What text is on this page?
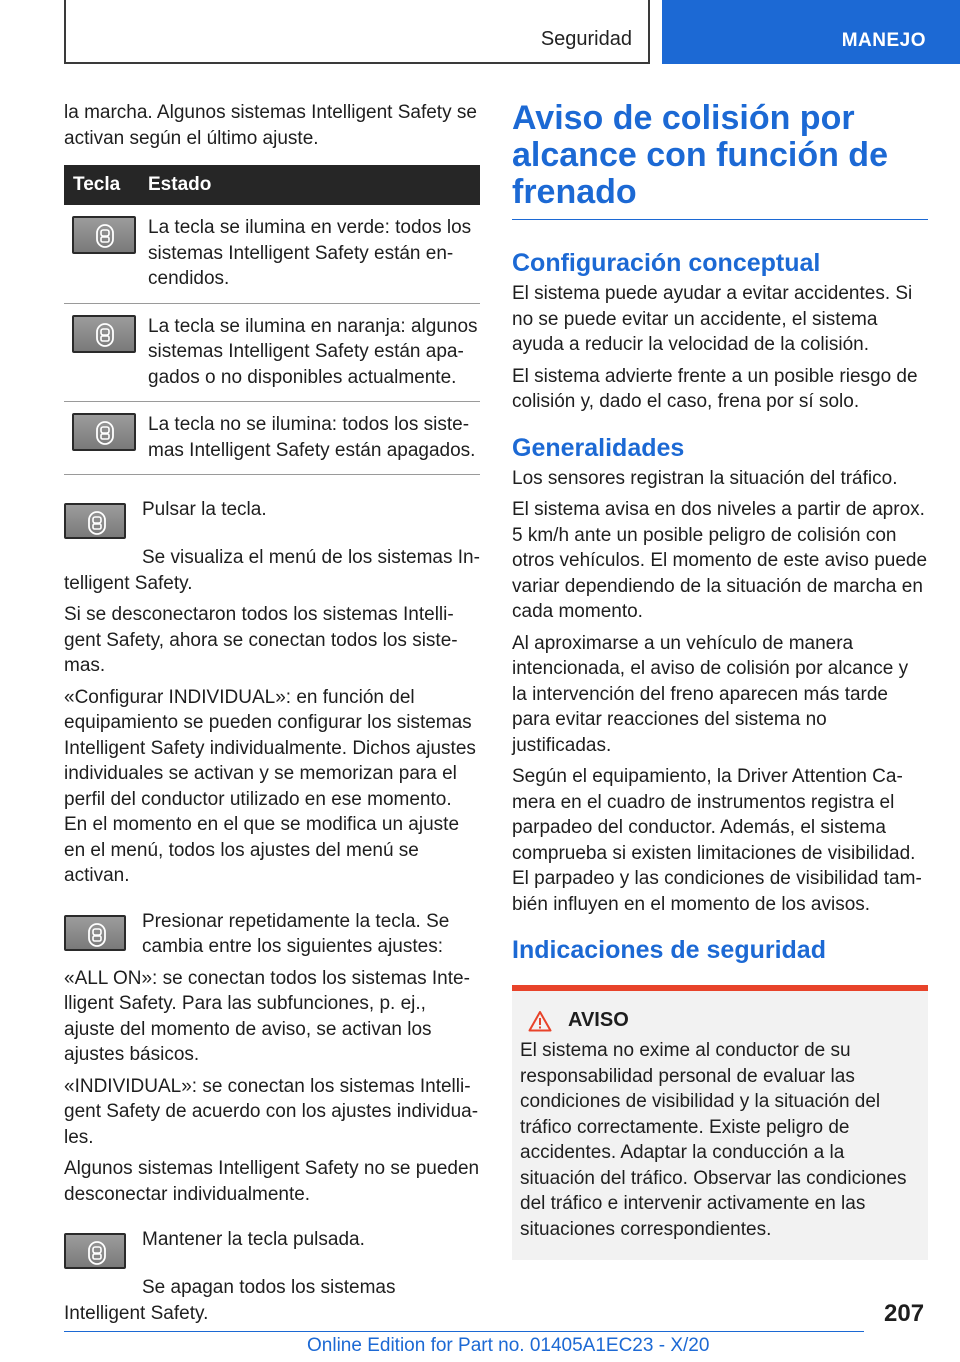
Seguridad	MANEJO

la marcha. Algunos sistemas Intelligent Safety se activan según el último ajuste.

Tecla	Estado
La tecla se ilumina en verde: todos los sistemas Intelligent Safety están encendidos.
La tecla se ilumina en naranja: algunos sistemas Intelligent Safety están apagados o no disponibles actualmente.
La tecla no se ilumina: todos los sistemas Intelligent Safety están apagados.

Pulsar la tecla.

Se visualiza el menú de los sistemas Intelligent Safety.

Si se desconectaron todos los sistemas Intelligent Safety, ahora se conectan todos los sistemas.

«Configurar INDIVIDUAL»: en función del equipamiento se pueden configurar los sistemas Intelligent Safety individualmente. Dichos ajustes individuales se activan y se memorizan para el perfil del conductor utilizado en ese momento. En el momento en el que se modifica un ajuste en el menú, todos los ajustes del menú se activan.

Presionar repetidamente la tecla. Se cambia entre los siguientes ajustes:

«ALL ON»: se conectan todos los sistemas Intelligent Safety. Para las subfunciones, p. ej., ajuste del momento de aviso, se activan los ajustes básicos.

«INDIVIDUAL»: se conectan los sistemas Intelligent Safety de acuerdo con los ajustes individuales.

Algunos sistemas Intelligent Safety no se pueden desconectar individualmente.

Mantener la tecla pulsada.

Se apagan todos los sistemas Intelligent Safety.

Aviso de colisión por alcance con función de frenado
Configuración conceptual

El sistema puede ayudar a evitar accidentes. Si no se puede evitar un accidente, el sistema ayuda a reducir la velocidad de la colisión.

El sistema advierte frente a un posible riesgo de colisión y, dado el caso, frena por sí solo.

Generalidades

Los sensores registran la situación del tráfico.

El sistema avisa en dos niveles a partir de aprox. 5 km/h ante un posible peligro de colisión con otros vehículos. El momento de este aviso puede variar dependiendo de la situación de marcha en cada momento.

Al aproximarse a un vehículo de manera intencionada, el aviso de colisión por alcance y la intervención del freno aparecen más tarde para evitar reacciones del sistema no justificadas.

Según el equipamiento, la Driver Attention Camera en el cuadro de instrumentos registra el parpadeo del conductor. Además, el sistema comprueba si existen limitaciones de visibilidad. El parpadeo y las condiciones de visibilidad también influyen en el momento de los avisos.

Indicaciones de seguridad
AVISO

El sistema no exime al conductor de su responsabilidad personal de evaluar las condiciones de visibilidad y la situación del tráfico correctamente. Existe peligro de accidentes. Adaptar la conducción a la situación del tráfico. Observar las condiciones del tráfico e intervenir activamente en las situaciones correspondientes.

207
Online Edition for Part no. 01405A1EC23 - X/20
